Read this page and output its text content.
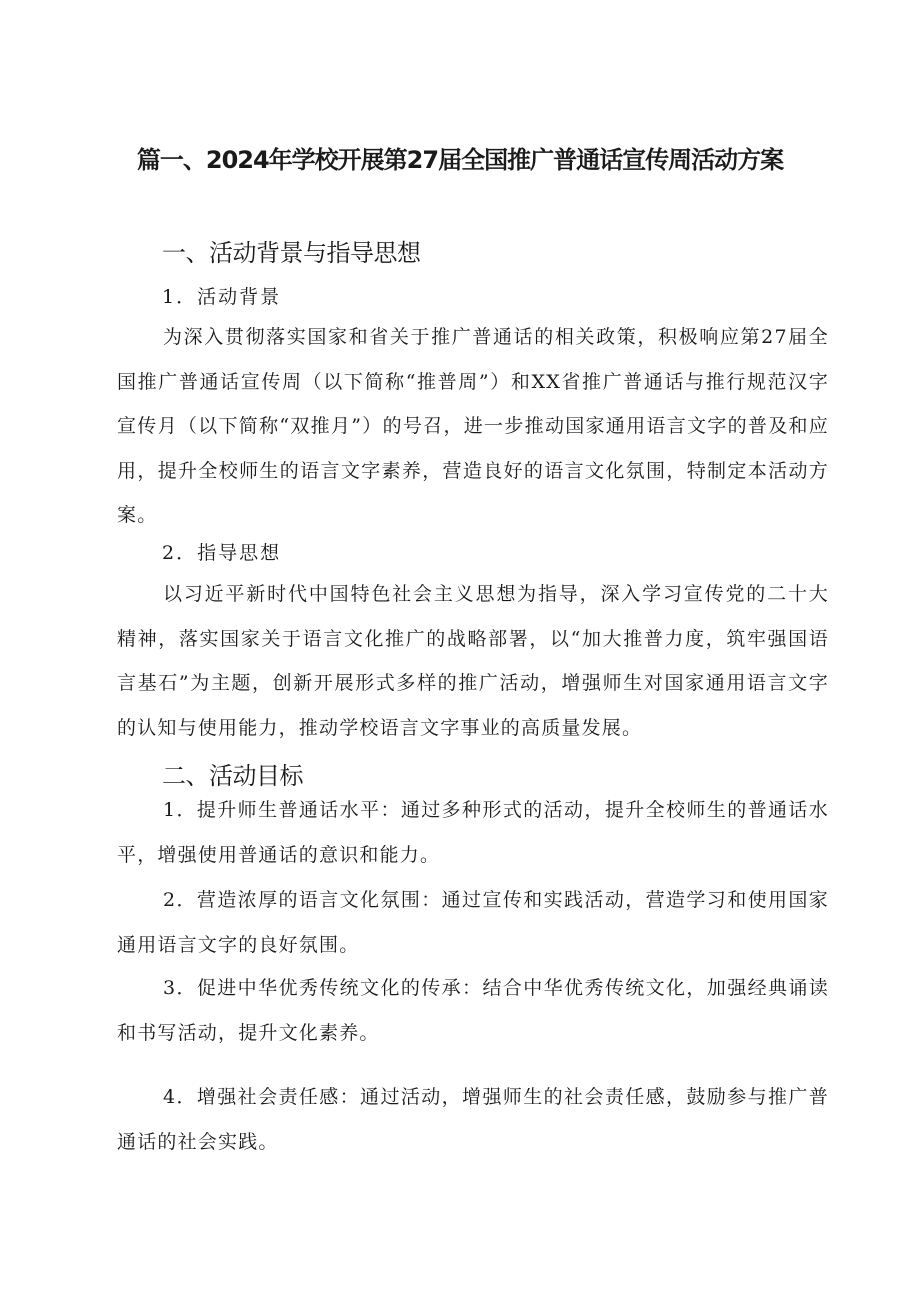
篇一、2024年学校开展第27届全国推广普通话宣传周活动方案
一、活动背景与指导思想
1．活动背景

为深入贯彻落实国家和省关于推广普通话的相关政策，积极响应第27届全国推广普通话宣传周（以下简称“推普周”）和XX省推广普通话与推行规范汉字宣传月（以下简称“双推月”）的号召，进一步推动国家通用语言文字的普及和应用，提升全校师生的语言文字素养，营造良好的语言文化氛围，特制定本活动方案。

2．指导思想

以习近平新时代中国特色社会主义思想为指导，深入学习宣传党的二十大精神，落实国家关于语言文化推广的战略部署，以“加大推普力度，筑牢强国语言基石”为主题，创新开展形式多样的推广活动，增强师生对国家通用语言文字的认知与使用能力，推动学校语言文字事业的高质量发展。

二、活动目标

1．提升师生普通话水平：通过多种形式的活动，提升全校师生的普通话水平，增强使用普通话的意识和能力。

2．营造浓厚的语言文化氛围：通过宣传和实践活动，营造学习和使用国家通用语言文字的良好氛围。

3．促进中华优秀传统文化的传承：结合中华优秀传统文化，加强经典诵读和书写活动，提升文化素养。

4．增强社会责任感：通过活动，增强师生的社会责任感，鼓励参与推广普通话的社会实践。
